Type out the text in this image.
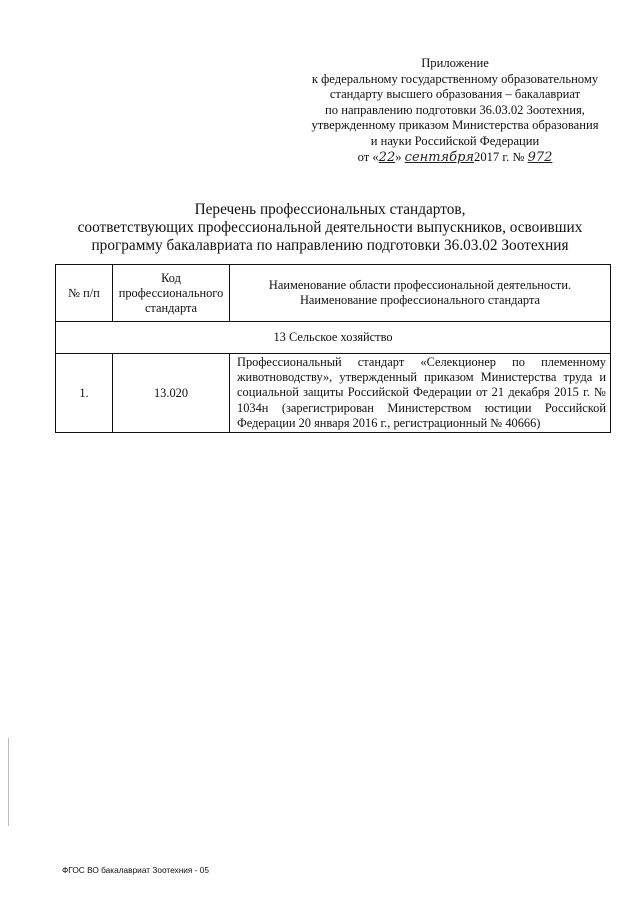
Приложение
к федеральному государственному образовательному
стандарту высшего образования – бакалавриат
по направлению подготовки 36.03.02 Зоотехния,
утвержденному приказом Министерства образования
и науки Российской Федерации
от «22» сентября2017 г. № 972
Перечень профессиональных стандартов,
соответствующих профессиональной деятельности выпускников, освоивших
программу бакалавриата по направлению подготовки 36.03.02 Зоотехния
№ п/п	Код профессионального стандарта	Наименование области профессиональной деятельности. Наименование профессионального стандарта
13 Сельское хозяйство		
1.	13.020	Профессиональный стандарт «Селекционер по племенному животноводству», утвержденный приказом Министерства труда и социальной защиты Российской Федерации от 21 декабря 2015 г. № 1034н (зарегистрирован Министерством юстиции Российской Федерации 20 января 2016 г., регистрационный № 40666)
ФГОС ВО бакалавриат Зоотехния - 05
